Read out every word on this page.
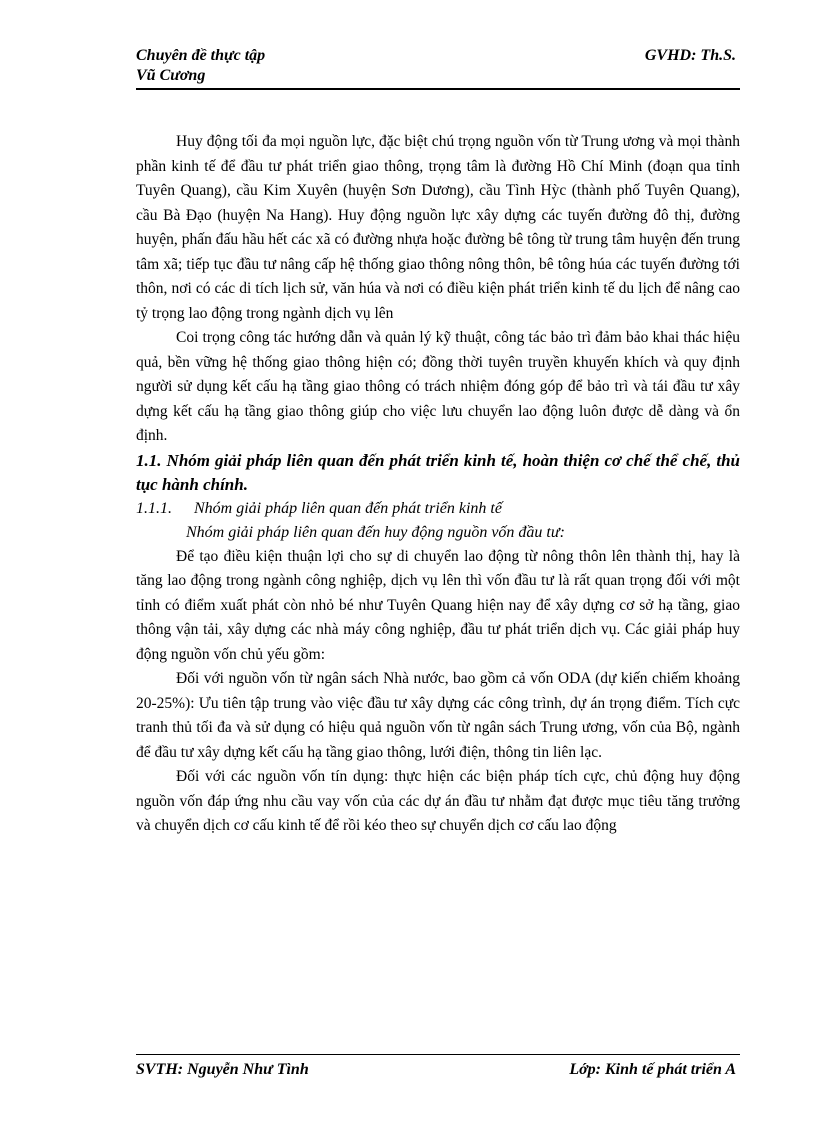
Chuyên đề thực tập
Vũ Cương
GVHD: Th.S.

Huy động tối đa mọi nguồn lực, đặc biệt chú trọng nguồn vốn từ Trung ương và mọi thành phần kinh tế để đầu tư phát triển giao thông, trọng tâm là đường Hồ Chí Minh (đoạn qua tỉnh Tuyên Quang), cầu Kim Xuyên (huyện Sơn Dương), cầu Tình Hỳc (thành phố Tuyên Quang), cầu Bà Đạo (huyện Na Hang). Huy động nguồn lực xây dựng các tuyến đường đô thị, đường huyện, phấn đấu hầu hết các xã có đường nhựa hoặc đường bê tông từ trung tâm huyện đến trung tâm xã; tiếp tục đầu tư nâng cấp hệ thống giao thông nông thôn, bê tông húa các tuyến đường tới thôn, nơi có các di tích lịch sử, văn húa và nơi có điều kiện phát triển kinh tế du lịch để nâng cao tỷ trọng lao động trong ngành dịch vụ lên

Coi trọng công tác hướng dẫn và quản lý kỹ thuật, công tác bảo trì đảm bảo khai thác hiệu quả, bền vững hệ thống giao thông hiện có; đồng thời tuyên truyền khuyến khích và quy định người sử dụng kết cấu hạ tầng giao thông có trách nhiệm đóng góp để bảo trì và tái đầu tư xây dựng kết cấu hạ tầng giao thông giúp cho việc lưu chuyển lao động luôn được dễ dàng và ổn định.

1.1. Nhóm giải pháp liên quan đến phát triển kinh tế, hoàn thiện cơ chế thể chế, thủ tục hành chính.

1.1.1. Nhóm giải pháp liên quan đến phát triển kinh tế

Nhóm giải pháp liên quan đến huy động nguồn vốn đầu tư:

Để tạo điều kiện thuận lợi cho sự di chuyển lao động từ nông thôn lên thành thị, hay là tăng lao động trong ngành công nghiệp, dịch vụ lên thì vốn đầu tư là rất quan trọng đối với một tỉnh có điểm xuất phát còn nhỏ bé như Tuyên Quang hiện nay để xây dựng cơ sở hạ tầng, giao thông vận tải, xây dựng các nhà máy công nghiệp, đầu tư phát triển dịch vụ. Các giải pháp huy động nguồn vốn chủ yếu gồm:

Đối với nguồn vốn từ ngân sách Nhà nước, bao gồm cả vốn ODA (dự kiến chiếm khoảng 20-25%): Ưu tiên tập trung vào việc đầu tư xây dựng các công trình, dự án trọng điểm. Tích cực tranh thủ tối đa và sử dụng có hiệu quả nguồn vốn từ ngân sách Trung ương, vốn của Bộ, ngành để đầu tư xây dựng kết cấu hạ tầng giao thông, lưới điện, thông tin liên lạc.

Đối với các nguồn vốn tín dụng: thực hiện các biện pháp tích cực, chủ động huy động nguồn vốn đáp ứng nhu cầu vay vốn của các dự án đầu tư nhằm đạt được mục tiêu tăng trưởng và chuyển dịch cơ cấu kinh tế để rồi kéo theo sự chuyển dịch cơ cấu lao động

SVTH: Nguyễn Như Tình	Lớp: Kinh tế phát triển A
